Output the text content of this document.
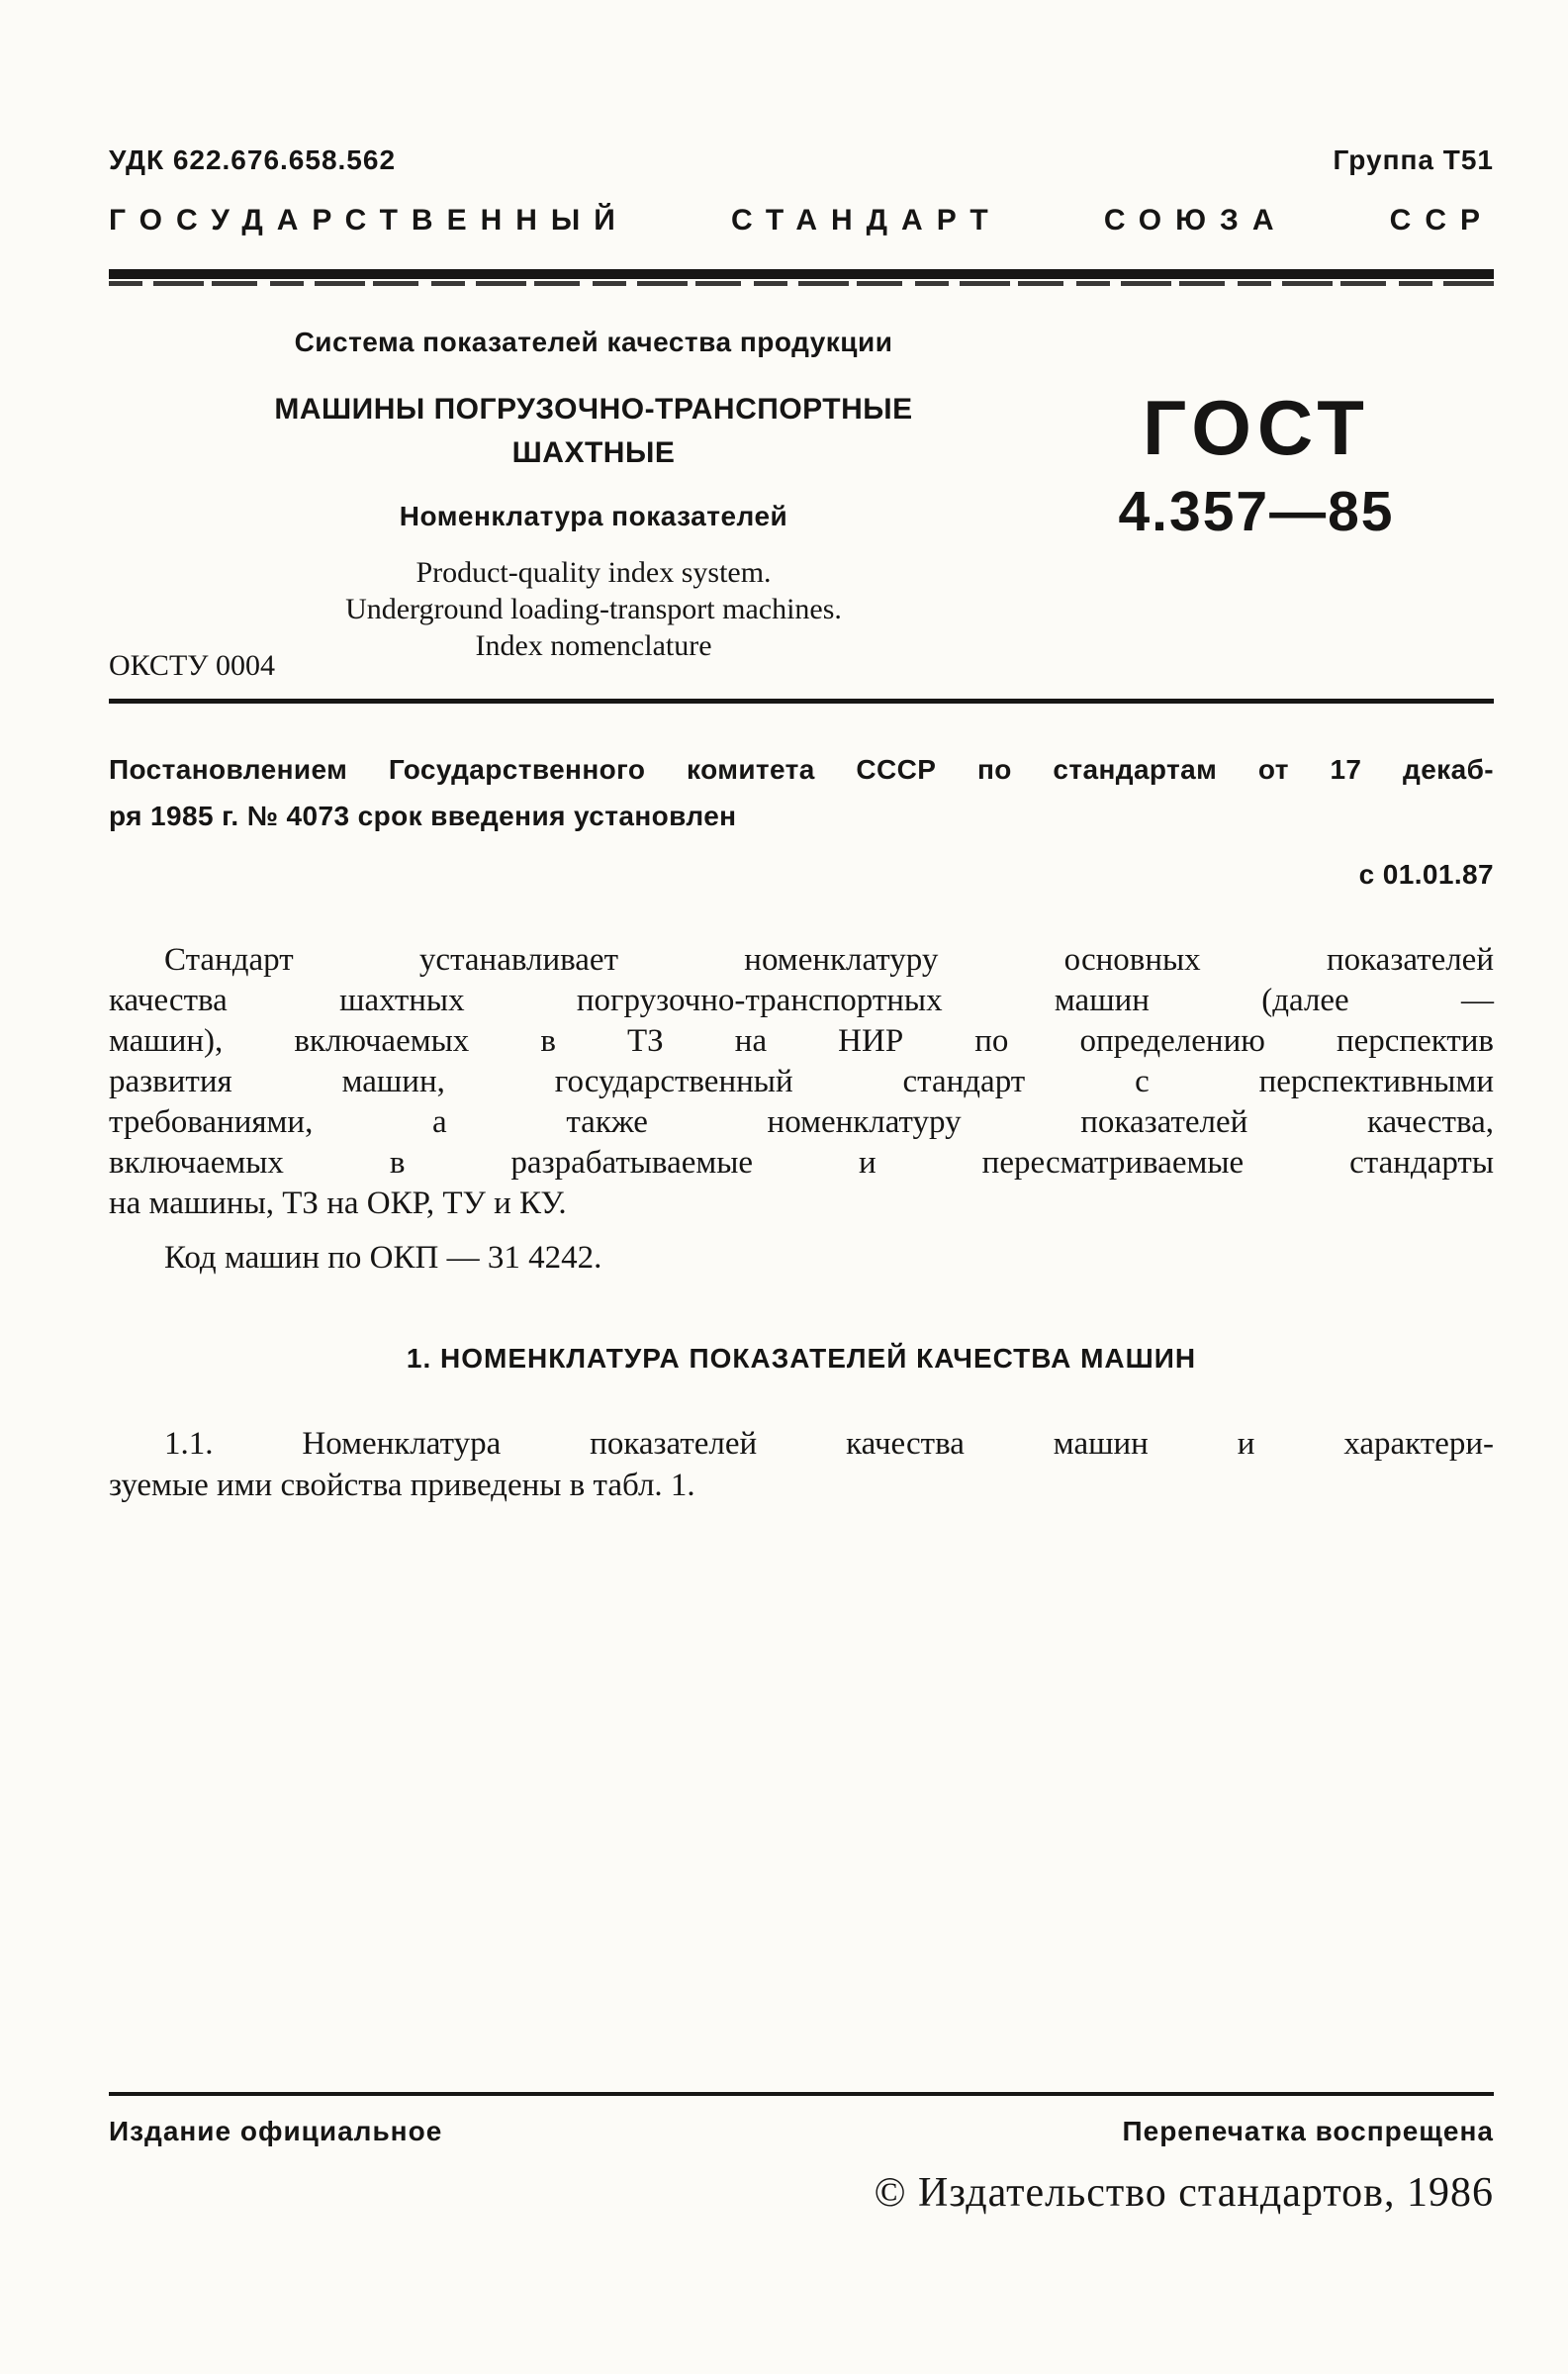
УДК 622.676.658.562	Группа Т51
ГОСУДАРСТВЕННЫЙ СТАНДАРТ СОЮЗА ССР
Система показателей качества продукции
МАШИНЫ ПОГРУЗОЧНО-ТРАНСПОРТНЫЕ
ШАХТНЫЕ
Номенклатура показателей
Product-quality index system.
Underground loading-transport machines.
Index nomenclature
ГОСТ
4.357—85
ОКСТУ 0004
Постановлением Государственного комитета СССР по стандартам от 17 декаб-
ря 1985 г. № 4073 срок введения установлен
с 01.01.87
Стандарт устанавливает номенклатуру основных показателей
качества шахтных погрузочно-транспортных машин (далее —
машин), включаемых в ТЗ на НИР по определению перспектив
развития машин, государственный стандарт с перспективными
требованиями, а также номенклатуру показателей качества,
включаемых в разрабатываемые и пересматриваемые стандарты
на машины, ТЗ на ОКР, ТУ и КУ.
Код машин по ОКП — 31 4242.
1. НОМЕНКЛАТУРА ПОКАЗАТЕЛЕЙ КАЧЕСТВА МАШИН
1.1. Номенклатура показателей качества машин и характери-
зуемые ими свойства приведены в табл. 1.
Издание официальное	Перепечатка воспрещена
© Издательство стандартов, 1986
